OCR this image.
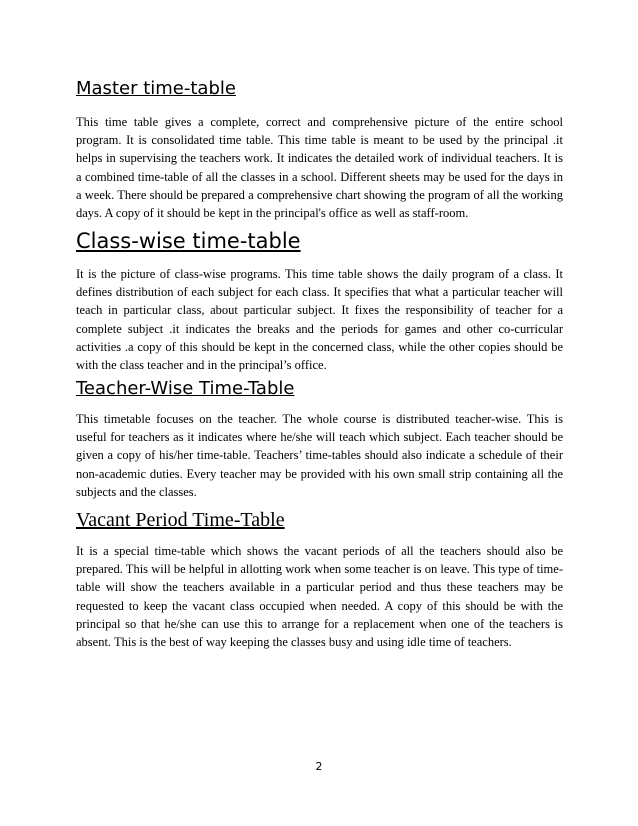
Master time-table

This time table gives a complete, correct and comprehensive picture of the entire school program. It is consolidated time table. This time table is meant to be used by the principal .it helps in supervising the teachers work. It indicates the detailed work of individual teachers. It is a combined time-table of all the classes in a school. Different sheets may be used for the days in a week. There should be prepared a comprehensive chart showing the program of all the working days. A copy of it should be kept in the principal's office as well as staff-room.

Class-wise time-table

It is the picture of class-wise programs. This time table shows the daily program of a class. It defines distribution of each subject for each class. It specifies that what a particular teacher will teach in particular class, about particular subject. It fixes the responsibility of teacher for a complete subject .it indicates the breaks and the periods for games and other co-curricular activities .a copy of this should be kept in the concerned class, while the other copies should be with the class teacher and in the principal’s office.

Teacher-Wise Time-Table

This timetable focuses on the teacher. The whole course is distributed teacher-wise. This is useful for teachers as it indicates where he/she will teach which subject. Each teacher should be given a copy of his/her time-table. Teachers’ time-tables should also indicate a schedule of their non-academic duties. Every teacher may be provided with his own small strip containing all the subjects and the classes.

Vacant Period Time-Table

It is a special time-table which shows the vacant periods of all the teachers should also be prepared. This will be helpful in allotting work when some teacher is on leave. This type of time-table will show the teachers available in a particular period and thus these teachers may be requested to keep the vacant class occupied when needed. A copy of this should be with the principal so that he/she can use this to arrange for a replacement when one of the teachers is absent. This is the best of way keeping the classes busy and using idle time of teachers.

2
